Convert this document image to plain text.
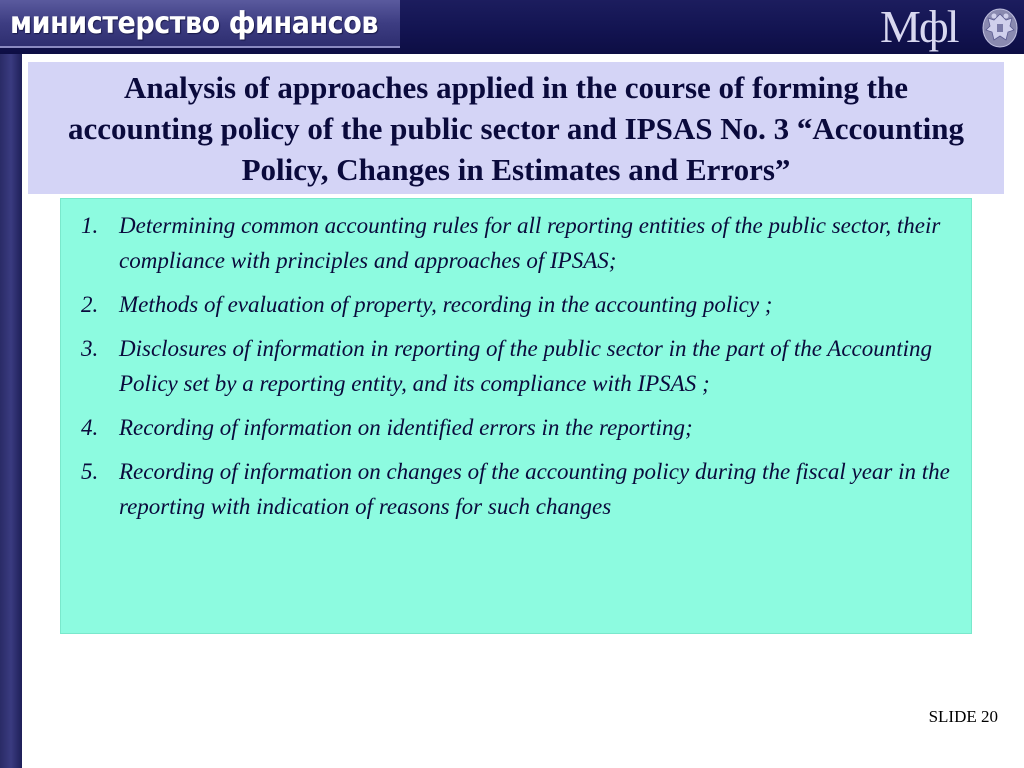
министерство финансов	М ф l
Analysis of approaches applied in the course of forming the accounting policy of the public sector and IPSAS No. 3 “Accounting Policy, Changes in Estimates and Errors”
1. Determining common accounting rules for all reporting entities of the public sector, their compliance with principles and approaches of IPSAS;
2. Methods of evaluation of property, recording in the accounting policy ;
3. Disclosures of information in reporting of the public sector in the part of the Accounting Policy set by a reporting entity, and its compliance with IPSAS ;
4. Recording of information on identified errors in the reporting;
5. Recording of information on changes of the accounting policy during the fiscal year in the reporting with indication of reasons for such changes
SLIDE 20
